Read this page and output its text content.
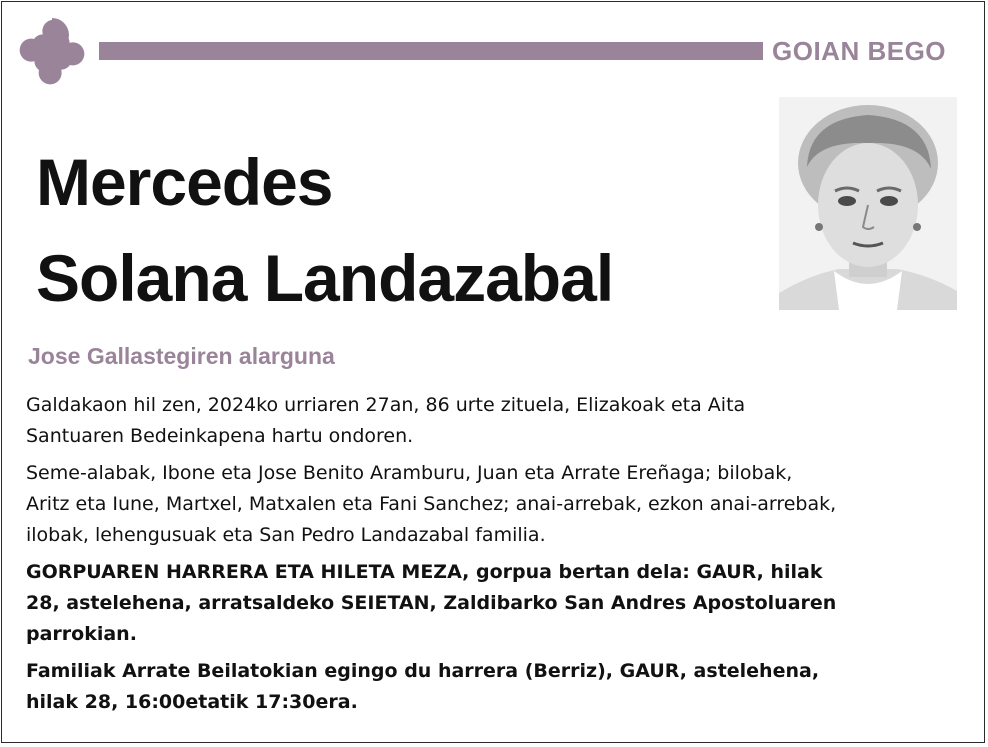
GOIAN BEGO
Mercedes
Solana Landazabal
Jose Gallastegiren alarguna

Galdakaon hil zen, 2024ko urriaren 27an, 86 urte zituela, Elizakoak eta Aita
Santuaren Bedeinkapena hartu ondoren.

Seme-alabak, Ibone eta Jose Benito Aramburu, Juan eta Arrate Ereñaga; bilobak,
Aritz eta Iune, Martxel, Matxalen eta Fani Sanchez; anai-arrebak, ezkon anai-arrebak,
ilobak, lehengusuak eta San Pedro Landazabal familia.

GORPUAREN HARRERA ETA HILETA MEZA, gorpua bertan dela: GAUR, hilak
28, astelehena, arratsaldeko SEIETAN, Zaldibarko San Andres Apostoluaren
parrokian.

Familiak Arrate Beilatokian egingo du harrera (Berriz), GAUR, astelehena,
hilak 28, 16:00etatik 17:30era.
